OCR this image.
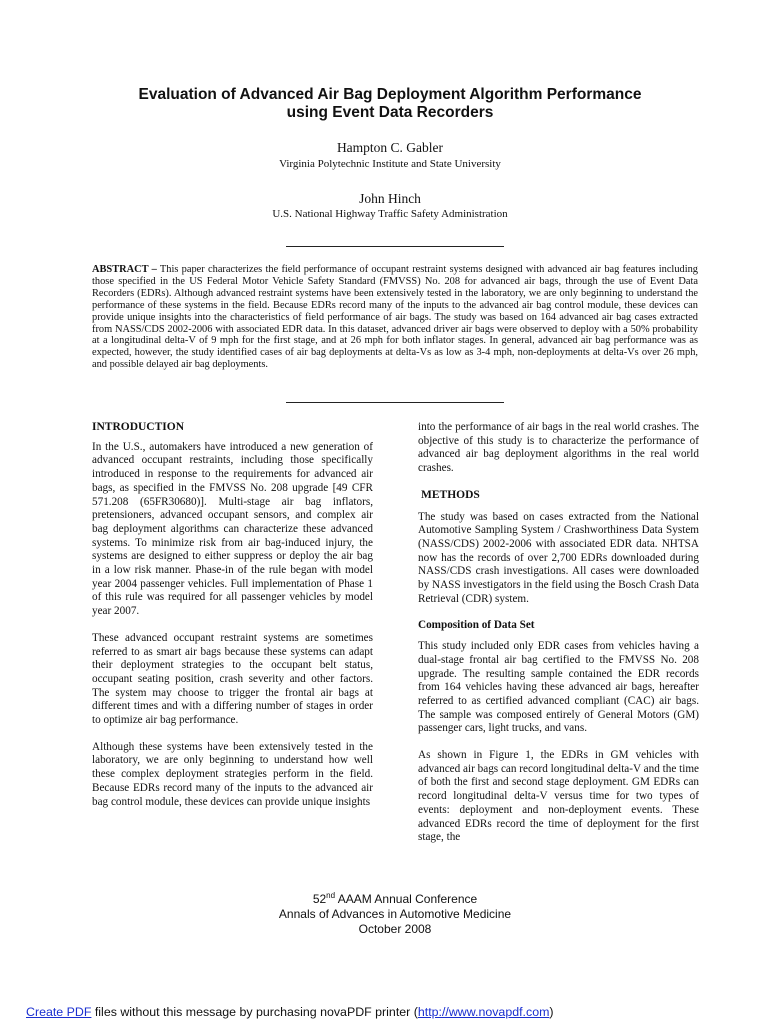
Evaluation of Advanced Air Bag Deployment Algorithm Performance
using Event Data Recorders
Hampton C. Gabler
Virginia Polytechnic Institute and State University
John Hinch
U.S. National Highway Traffic Safety Administration

ABSTRACT – This paper characterizes the field performance of occupant restraint systems designed with advanced air bag features including those specified in the US Federal Motor Vehicle Safety Standard (FMVSS) No. 208 for advanced air bags, through the use of Event Data Recorders (EDRs). Although advanced restraint systems have been extensively tested in the laboratory, we are only beginning to understand the performance of these systems in the field. Because EDRs record many of the inputs to the advanced air bag control module, these devices can provide unique insights into the characteristics of field performance of air bags. The study was based on 164 advanced air bag cases extracted from NASS/CDS 2002-2006 with associated EDR data. In this dataset, advanced driver air bags were observed to deploy with a 50% probability at a longitudinal delta-V of 9 mph for the first stage, and at 26 mph for both inflator stages. In general, advanced air bag performance was as expected, however, the study identified cases of air bag deployments at delta-Vs as low as 3-4 mph, non-deployments at delta-Vs over 26 mph, and possible delayed air bag deployments.

INTRODUCTION

In the U.S., automakers have introduced a new generation of advanced occupant restraints, including those specifically introduced in response to the requirements for advanced air bags, as specified in the FMVSS No. 208 upgrade [49 CFR 571.208 (65FR30680)]. Multi-stage air bag inflators, pretensioners, advanced occupant sensors, and complex air bag deployment algorithms can characterize these advanced systems. To minimize risk from air bag-induced injury, the systems are designed to either suppress or deploy the air bag in a low risk manner. Phase-in of the rule began with model year 2004 passenger vehicles. Full implementation of Phase 1 of this rule was required for all passenger vehicles by model year 2007.

These advanced occupant restraint systems are sometimes referred to as smart air bags because these systems can adapt their deployment strategies to the occupant belt status, occupant seating position, crash severity and other factors. The system may choose to trigger the frontal air bags at different times and with a differing number of stages in order to optimize air bag performance.

Although these systems have been extensively tested in the laboratory, we are only beginning to understand how well these complex deployment strategies perform in the field. Because EDRs record many of the inputs to the advanced air bag control module, these devices can provide unique insights

into the performance of air bags in the real world crashes. The objective of this study is to characterize the performance of advanced air bag deployment algorithms in the real world crashes.

METHODS

The study was based on cases extracted from the National Automotive Sampling System / Crashworthiness Data System (NASS/CDS) 2002-2006 with associated EDR data. NHTSA now has the records of over 2,700 EDRs downloaded during NASS/CDS crash investigations. All cases were downloaded by NASS investigators in the field using the Bosch Crash Data Retrieval (CDR) system.

Composition of Data Set

This study included only EDR cases from vehicles having a dual-stage frontal air bag certified to the FMVSS No. 208 upgrade. The resulting sample contained the EDR records from 164 vehicles having these advanced air bags, hereafter referred to as certified advanced compliant (CAC) air bags. The sample was composed entirely of General Motors (GM) passenger cars, light trucks, and vans.

As shown in Figure 1, the EDRs in GM vehicles with advanced air bags can record longitudinal delta-V and the time of both the first and second stage deployment. GM EDRs can record longitudinal delta-V versus time for two types of events: deployment and non-deployment events. These advanced EDRs record the time of deployment for the first stage, the

52nd AAAM Annual Conference
Annals of Advances in Automotive Medicine
October 2008
Create PDF files without this message by purchasing novaPDF printer (http://www.novapdf.com)
